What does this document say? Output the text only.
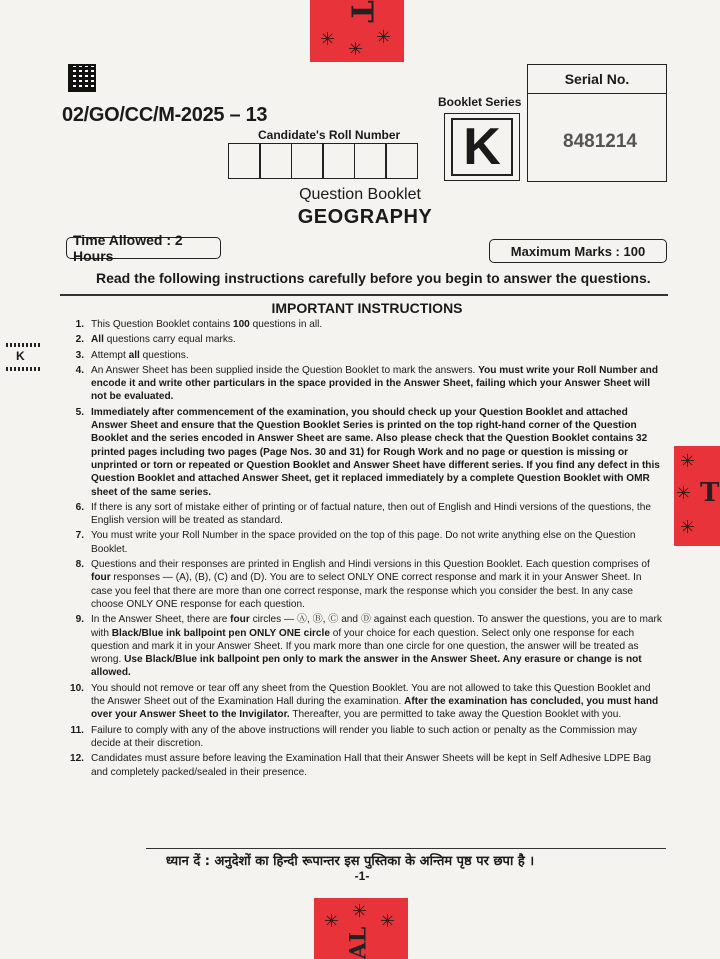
T
✳ ✳
✳
✳
✳
✳
T
✳ ✳ ✳
AL
02/GO/CC/M-2025 – 13
Candidate's Roll Number
Booklet Series
K
Serial No.
8481214
Question Booklet
GEOGRAPHY
Time Allowed : 2 Hours	Maximum Marks : 100
Read the following instructions carefully before you begin to answer the questions.
IMPORTANT INSTRUCTIONS
K
1. This Question Booklet contains 100 questions in all.
2. All questions carry equal marks.
3. Attempt all questions.
4. An Answer Sheet has been supplied inside the Question Booklet to mark the answers. You must write your Roll Number and encode it and write other particulars in the space provided in the Answer Sheet, failing which your Answer Sheet will not be evaluated.
5. Immediately after commencement of the examination, you should check up your Question Booklet and attached Answer Sheet and ensure that the Question Booklet Series is printed on the top right-hand corner of the Question Booklet and the series encoded in Answer Sheet are same. Also please check that the Question Booklet contains 32 printed pages including two pages (Page Nos. 30 and 31) for Rough Work and no page or question is missing or unprinted or torn or repeated or Question Booklet and Answer Sheet have different series. If you find any defect in this Question Booklet and attached Answer Sheet, get it replaced immediately by a complete Question Booklet with OMR sheet of the same series.
6. If there is any sort of mistake either of printing or of factual nature, then out of English and Hindi versions of the questions, the English version will be treated as standard.
7. You must write your Roll Number in the space provided on the top of this page. Do not write anything else on the Question Booklet.
8. Questions and their responses are printed in English and Hindi versions in this Question Booklet. Each question comprises of four responses — (A), (B), (C) and (D). You are to select ONLY ONE correct response and mark it in your Answer Sheet. In case you feel that there are more than one correct response, mark the response which you consider the best. In any case choose ONLY ONE response for each question.
9. In the Answer Sheet, there are four circles — Ⓐ, Ⓑ, Ⓒ and Ⓓ against each question. To answer the questions, you are to mark with Black/Blue ink ballpoint pen ONLY ONE circle of your choice for each question. Select only one response for each question and mark it in your Answer Sheet. If you mark more than one circle for one question, the answer will be treated as wrong. Use Black/Blue ink ballpoint pen only to mark the answer in the Answer Sheet. Any erasure or change is not allowed.
10. You should not remove or tear off any sheet from the Question Booklet. You are not allowed to take this Question Booklet and the Answer Sheet out of the Examination Hall during the examination. After the examination has concluded, you must hand over your Answer Sheet to the Invigilator. Thereafter, you are permitted to take away the Question Booklet with you.
11. Failure to comply with any of the above instructions will render you liable to such action or penalty as the Commission may decide at their discretion.
12. Candidates must assure before leaving the Examination Hall that their Answer Sheets will be kept in Self Adhesive LDPE Bag and completely packed/sealed in their presence.
ध्यान दें : अनुदेशों का हिन्दी रूपान्तर इस पुस्तिका के अन्तिम पृष्ठ पर छपा है ।
-1-
